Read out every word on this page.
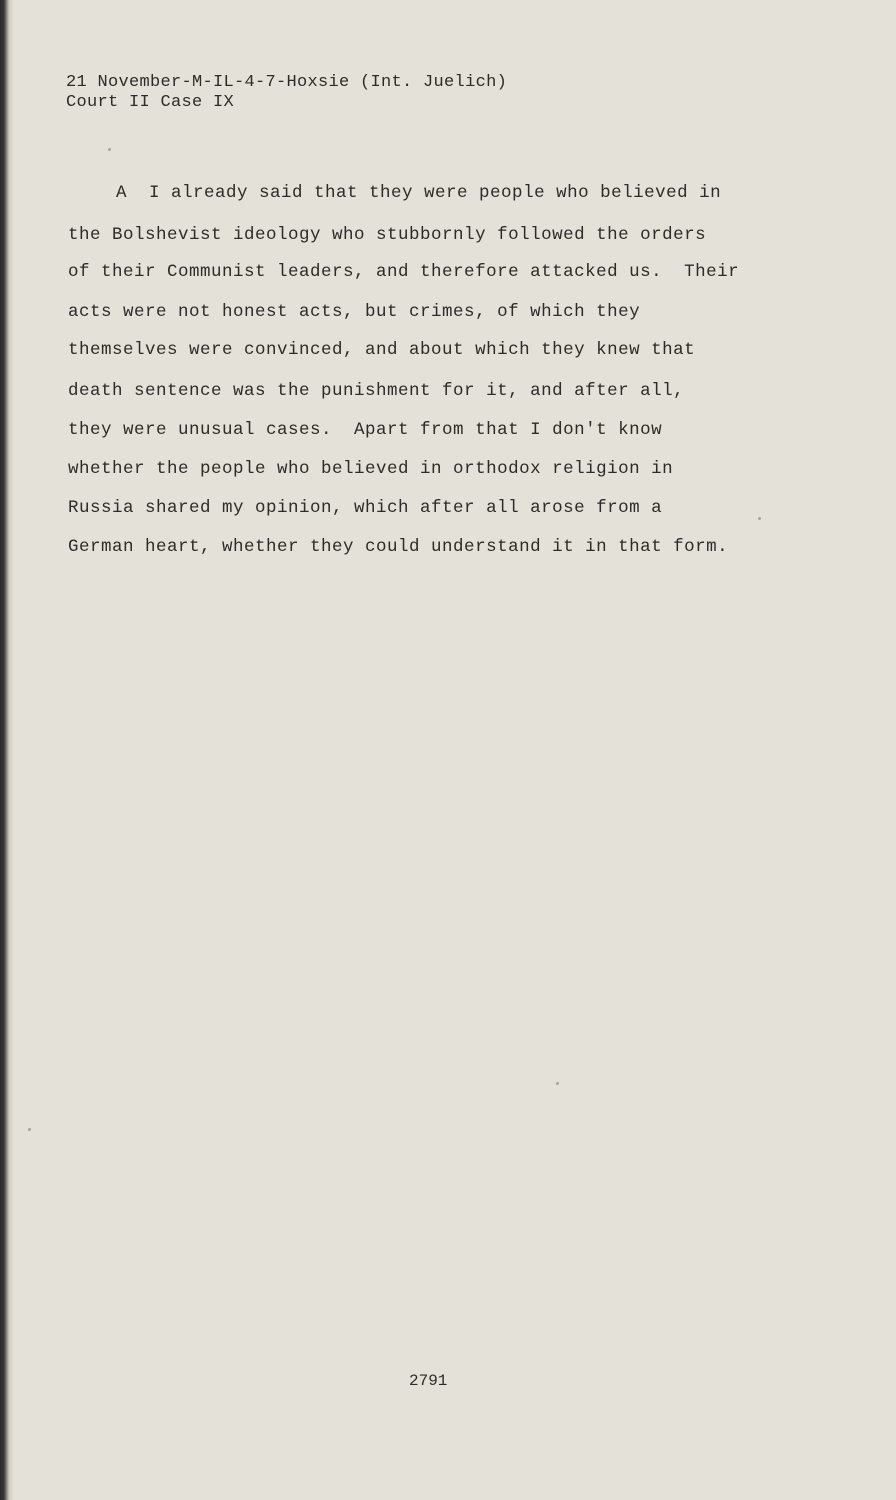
21 November-M-IL-4-7-Hoxsie (Int. Juelich)
Court II Case IX
A  I already said that they were people who believed in
the Bolshevist ideology who stubbornly followed the orders
of their Communist leaders, and therefore attacked us.  Their
acts were not honest acts, but crimes, of which they
themselves were convinced, and about which they knew that
death sentence was the punishment for it, and after all,
they were unusual cases.  Apart from that I don't know
whether the people who believed in orthodox religion in
Russia shared my opinion, which after all arose from a
German heart, whether they could understand it in that form.
2791
